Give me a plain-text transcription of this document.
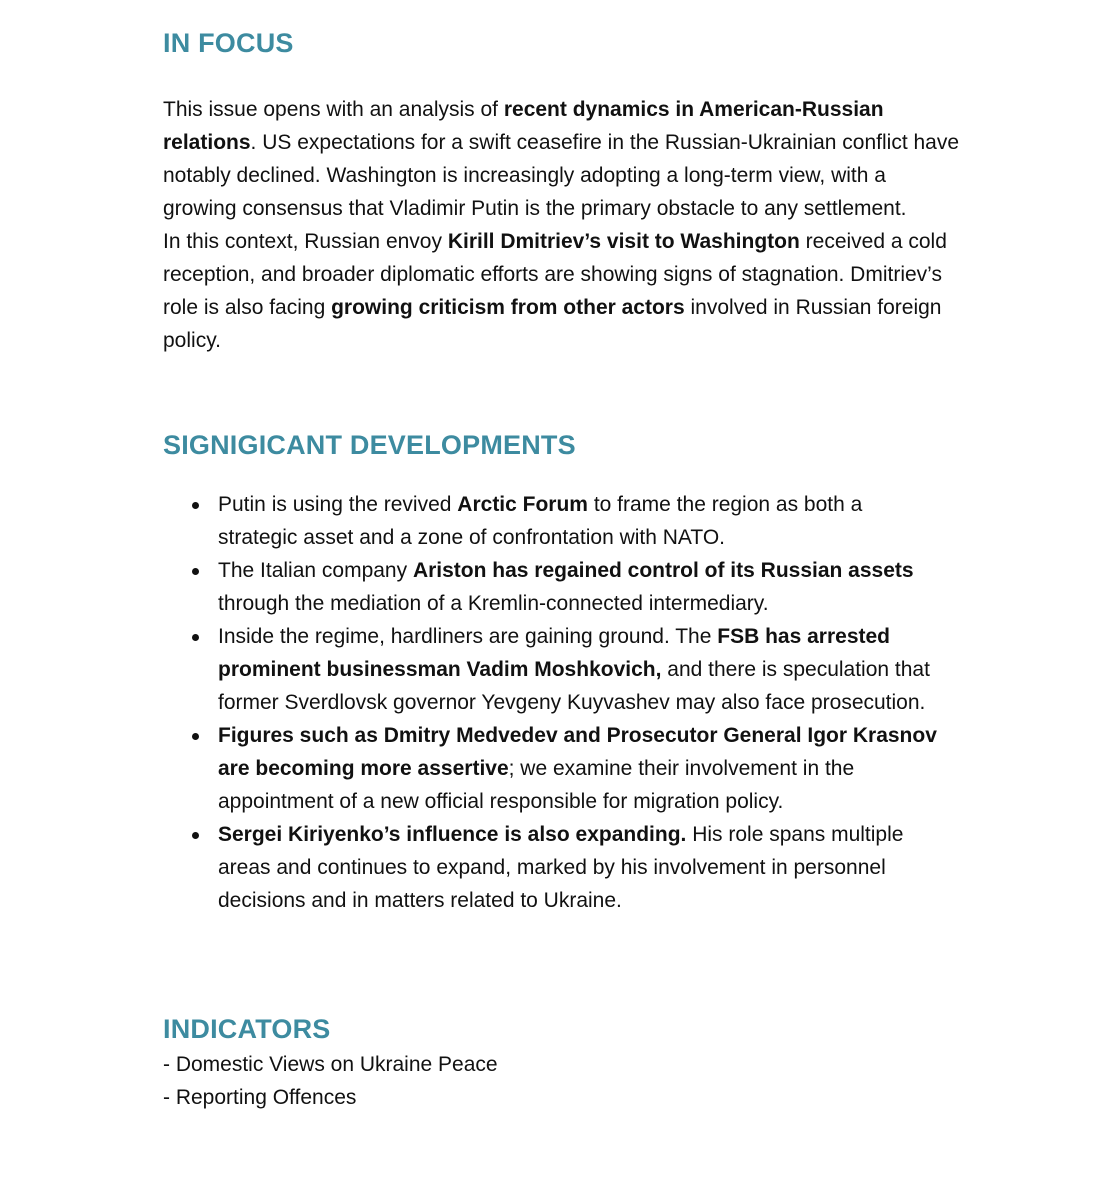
IN FOCUS

This issue opens with an analysis of recent dynamics in American-Russian relations. US expectations for a swift ceasefire in the Russian-Ukrainian conflict have notably declined. Washington is increasingly adopting a long-term view, with a growing consensus that Vladimir Putin is the primary obstacle to any settlement.

In this context, Russian envoy Kirill Dmitriev’s visit to Washington received a cold reception, and broader diplomatic efforts are showing signs of stagnation. Dmitriev’s role is also facing growing criticism from other actors involved in Russian foreign policy.

SIGNIGICANT DEVELOPMENTS
Putin is using the revived Arctic Forum to frame the region as both a strategic asset and a zone of confrontation with NATO.
The Italian company Ariston has regained control of its Russian assets through the mediation of a Kremlin-connected intermediary.
Inside the regime, hardliners are gaining ground. The FSB has arrested prominent businessman Vadim Moshkovich, and there is speculation that former Sverdlovsk governor Yevgeny Kuyvashev may also face prosecution.
Figures such as Dmitry Medvedev and Prosecutor General Igor Krasnov are becoming more assertive; we examine their involvement in the appointment of a new official responsible for migration policy.
Sergei Kiriyenko’s influence is also expanding. His role spans multiple areas and continues to expand, marked by his involvement in personnel decisions and in matters related to Ukraine.
INDICATORS
- Domestic Views on Ukraine Peace
- Reporting Offences
